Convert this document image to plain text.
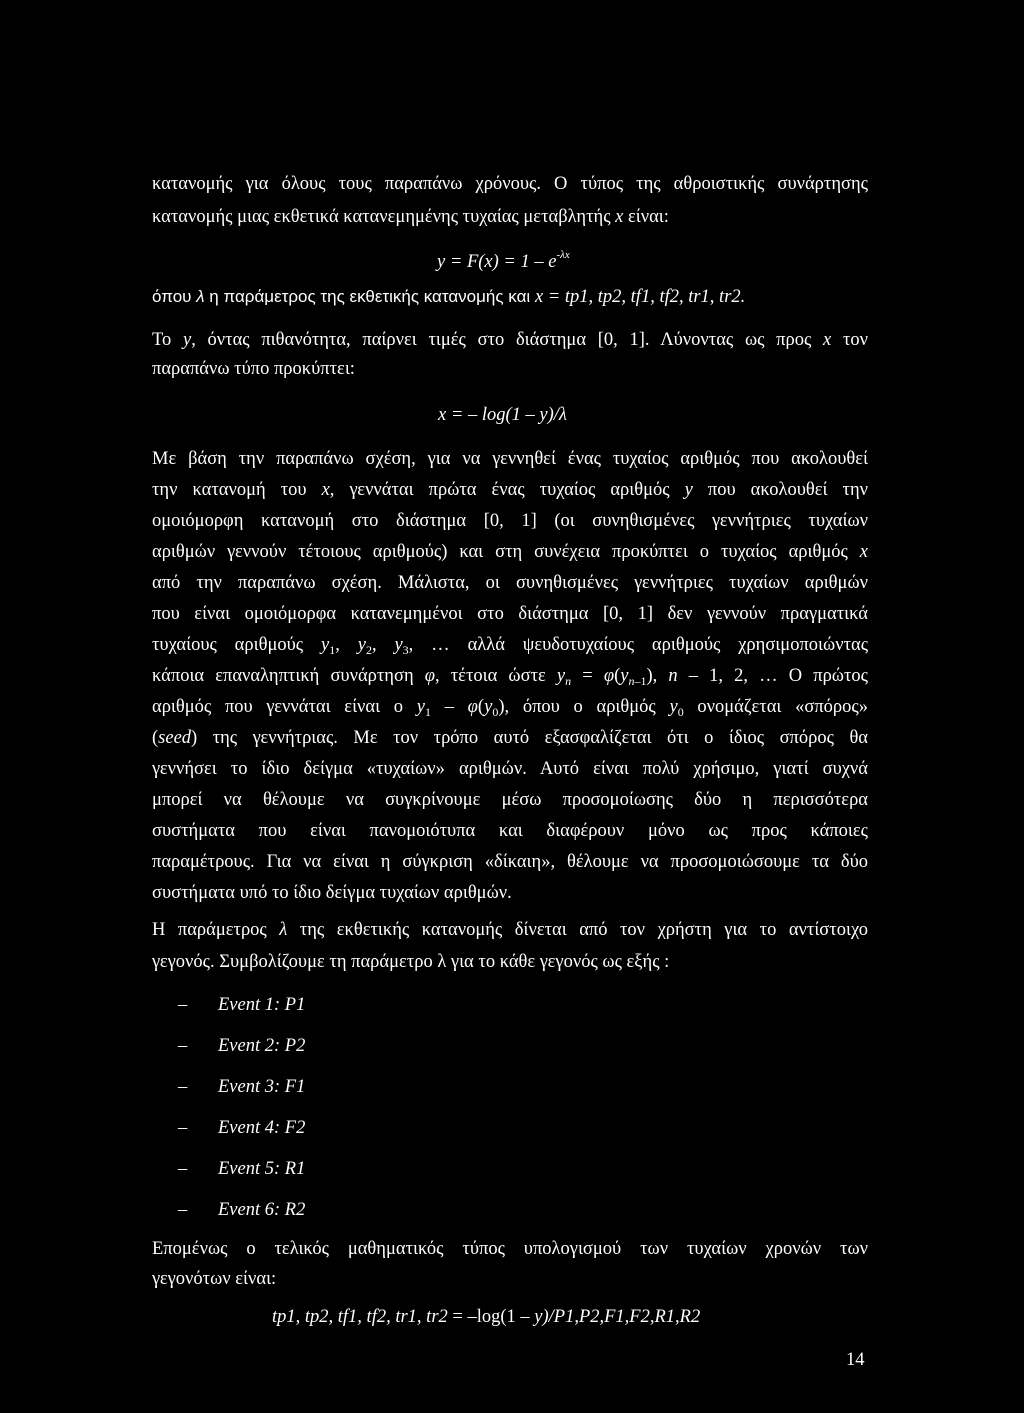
κατανομής για όλους τους παραπάνω χρόνους. Ο τύπος της αθροιστικής συνάρτησης
κατανομής μιας εκθετικά κατανεμημένης τυχαίας μεταβλητής x είναι:
$y = F(x) = 1 - e^{-\lambda x}$
όπου λ η παράμετρος της εκθετικής κατανομής και x = tp1, tp2, tf1, tf2, tr1, tr2.
Το y, όντας πιθανότητα, παίρνει τιμές στο διάστημα [0, 1]. Λύνοντας ως προς x τον
παραπάνω τύπο προκύπτει:
x = – log(1 – y)/λ
Με βάση την παραπάνω σχέση, για να γεννηθεί ένας τυχαίος αριθμός που ακολουθεί
την κατανομή του x, γεννάται πρώτα ένας τυχαίος αριθμός y που ακολουθεί την
ομοιόμορφη κατανομή στο διάστημα [0, 1] (οι συνηθισμένες γεννήτριες τυχαίων
αριθμών γεννούν τέτοιους αριθμούς) και στη συνέχεια προκύπτει ο τυχαίος αριθμός x
από την παραπάνω σχέση. Μάλιστα, οι συνηθισμένες γεννήτριες τυχαίων αριθμών
που είναι ομοιόμορφα κατανεμημένοι στο διάστημα [0, 1] δεν γεννούν πραγματικά
τυχαίους αριθμούς $y_1$, $y_2$, $y_3$, … αλλά ψευδοτυχαίους αριθμούς χρησιμοποιώντας
κάποια επαναληπτική συνάρτηση φ, τέτοια ώστε $y_n = \varphi(y_{n-1})$, n – 1, 2, … O πρώτος
αριθμός που γεννάται είναι ο $y_1 - \varphi(y_0)$, όπου ο αριθμός $y_0$ ονομάζεται «σπόρος»
(seed) της γεννήτριας. Με τον τρόπο αυτό εξασφαλίζεται ότι ο ίδιος σπόρος θα
γεννήσει το ίδιο δείγμα «τυχαίων» αριθμών. Αυτό είναι πολύ χρήσιμο, γιατί συχνά
μπορεί να θέλουμε να συγκρίνουμε μέσω προσομοίωσης δύο η περισσότερα
συστήματα που είναι πανομοιότυπα και διαφέρουν μόνο ως προς κάποιες
παραμέτρους. Για να είναι η σύγκριση «δίκαιη», θέλουμε να προσομοιώσουμε τα δύο
συστήματα υπό το ίδιο δείγμα τυχαίων αριθμών.
Η παράμετρος λ της εκθετικής κατανομής δίνεται από τον χρήστη για το αντίστοιχο
γεγονός. Συμβολίζουμε τη παράμετρο λ για το κάθε γεγονός ως εξής :
– Event 1: P1
– Event 2: P2
– Event 3: F1
– Event 4: F2
– Event 5: R1
– Event 6: R2
Επομένως ο τελικός μαθηματικός τύπος υπολογισμού των τυχαίων χρονών των
γεγονότων είναι:
tp1, tp2, tf1, tf2, tr1, tr2 = –log(1 – y)/P1,P2,F1,F2,R1,R2
14
